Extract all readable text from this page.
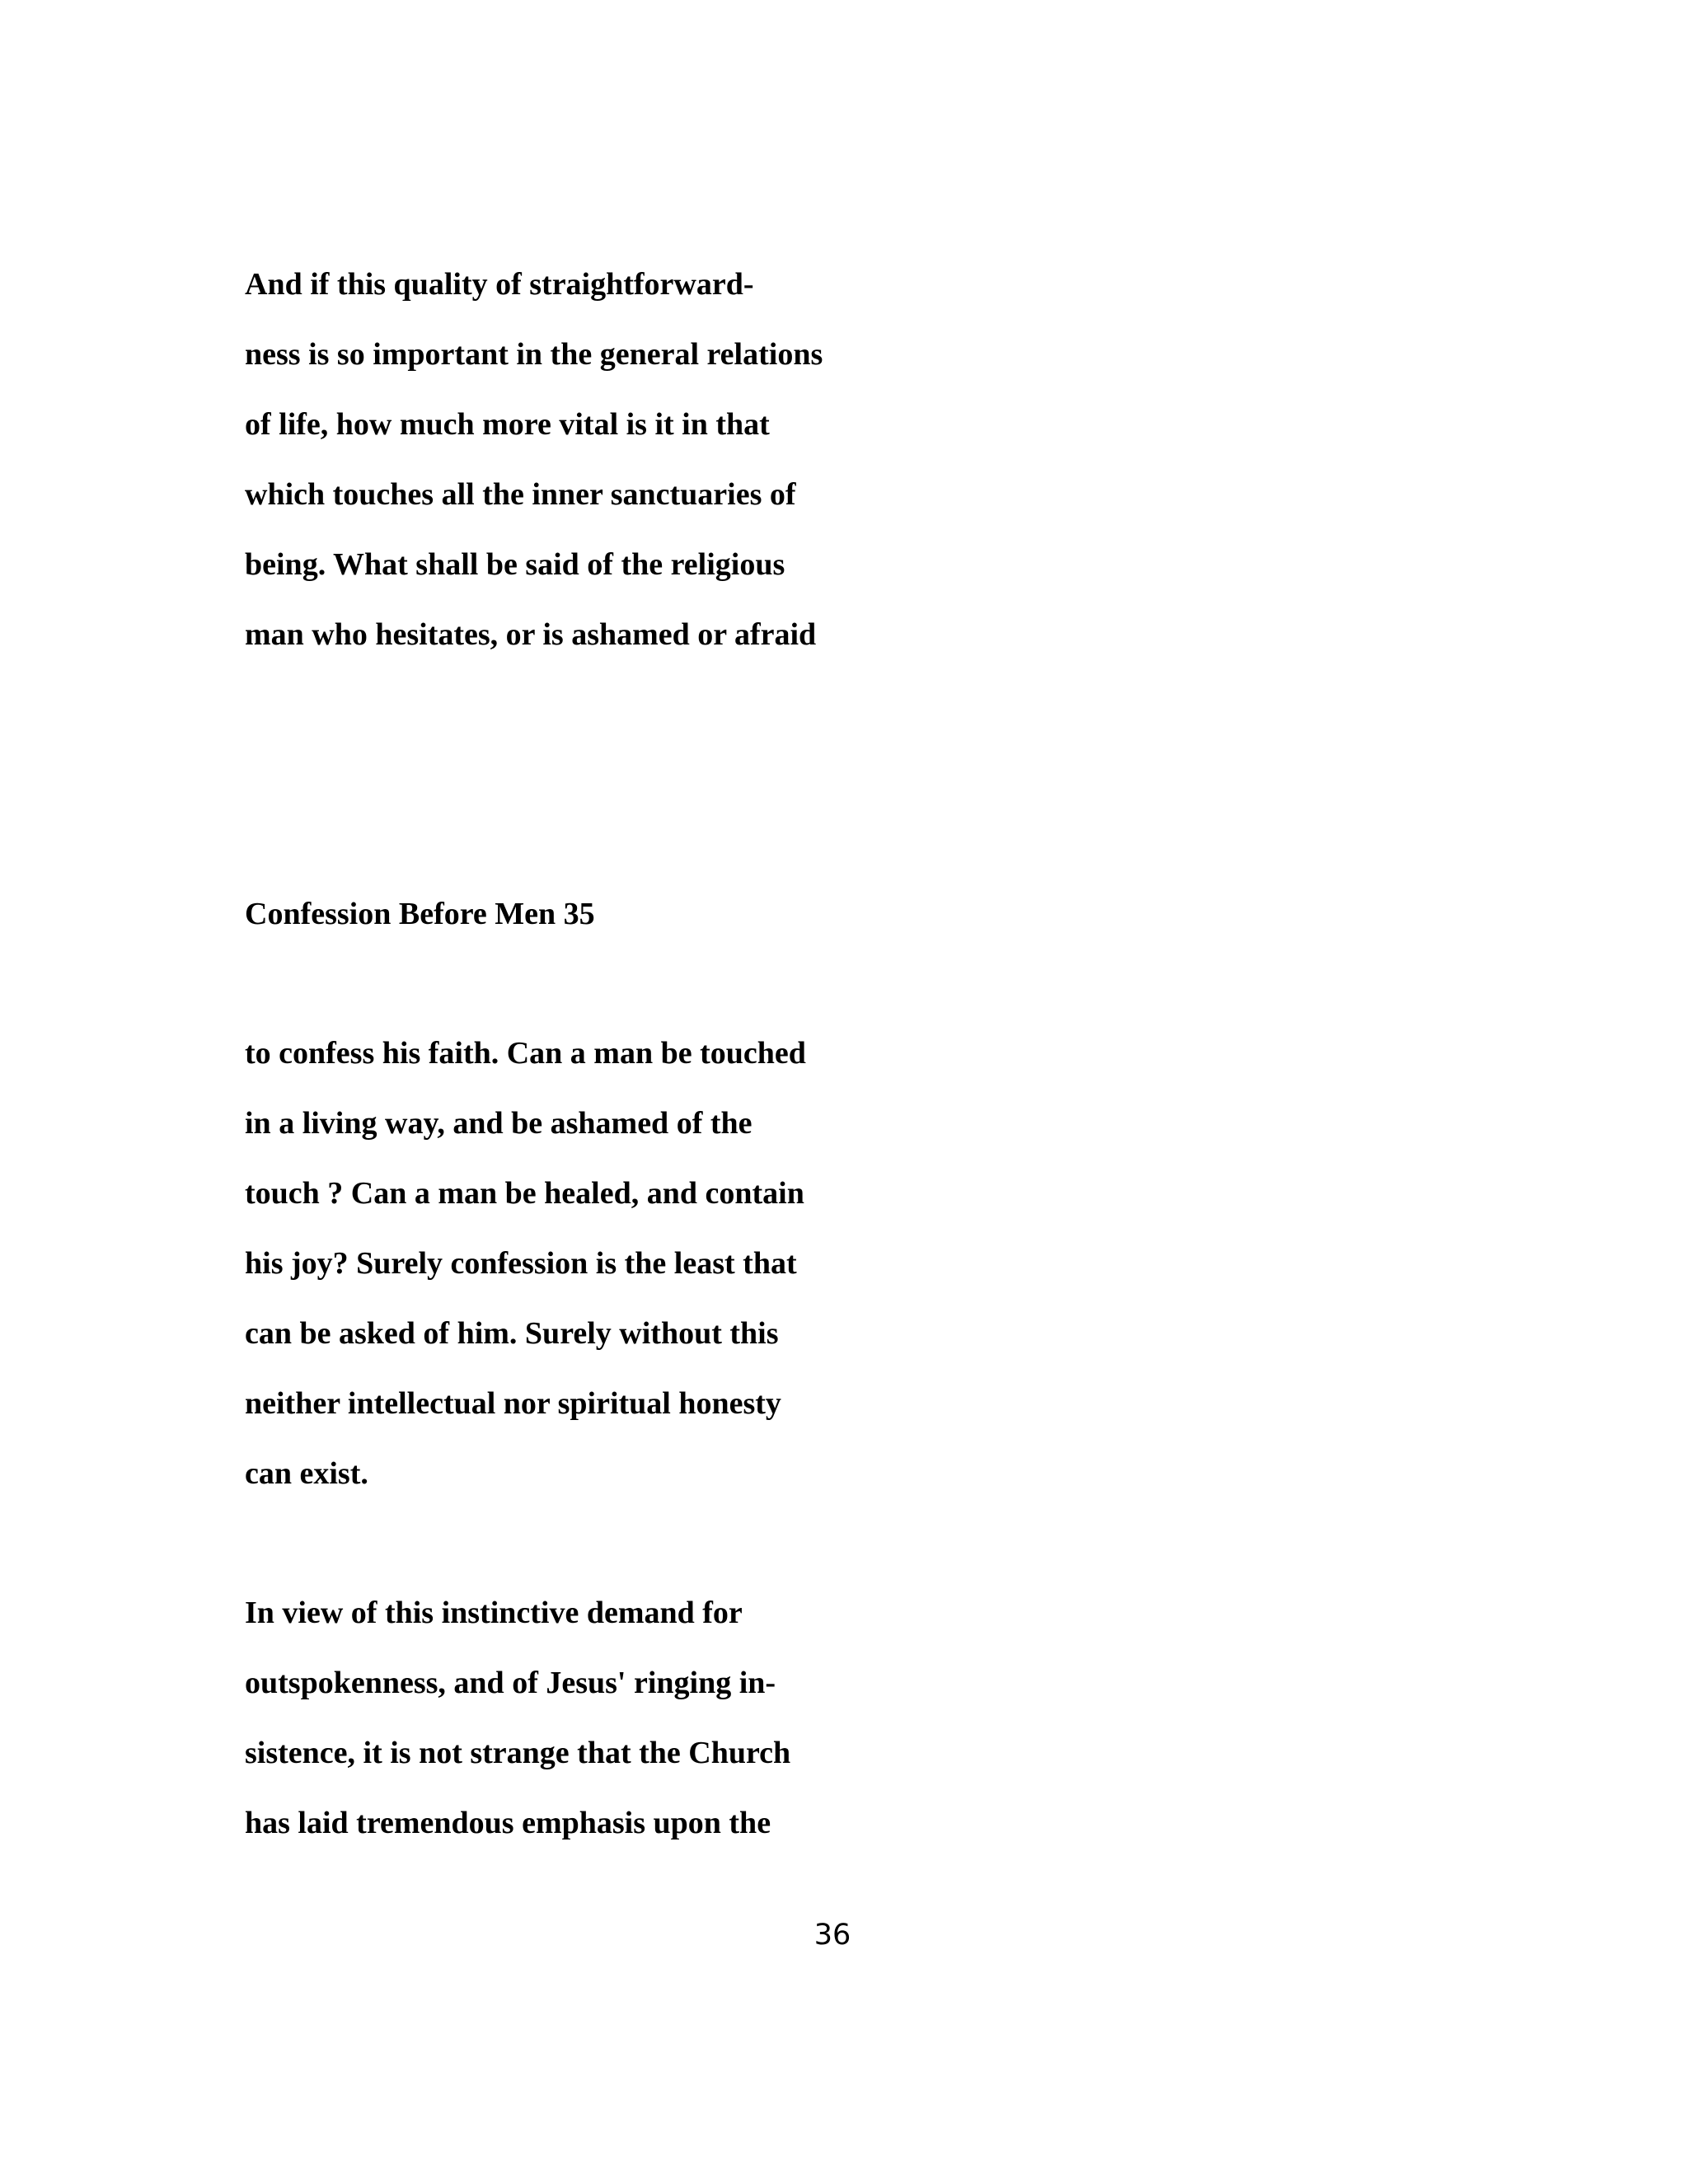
And if this quality of straightforward-

ness is so important in the general relations

of life, how much more vital is it in that

which touches all the inner sanctuaries of

being. What shall be said of the religious

man who hesitates, or is ashamed or afraid

Confession Before Men 35

to confess his faith. Can a man be touched

in a living way, and be ashamed of the

touch ? Can a man be healed, and contain

his joy? Surely confession is the least that

can be asked of him. Surely without this

neither intellectual nor spiritual honesty

can exist.

In view of this instinctive demand for

outspokenness, and of Jesus' ringing in-

sistence, it is not strange that the Church

has laid tremendous emphasis upon the

36
